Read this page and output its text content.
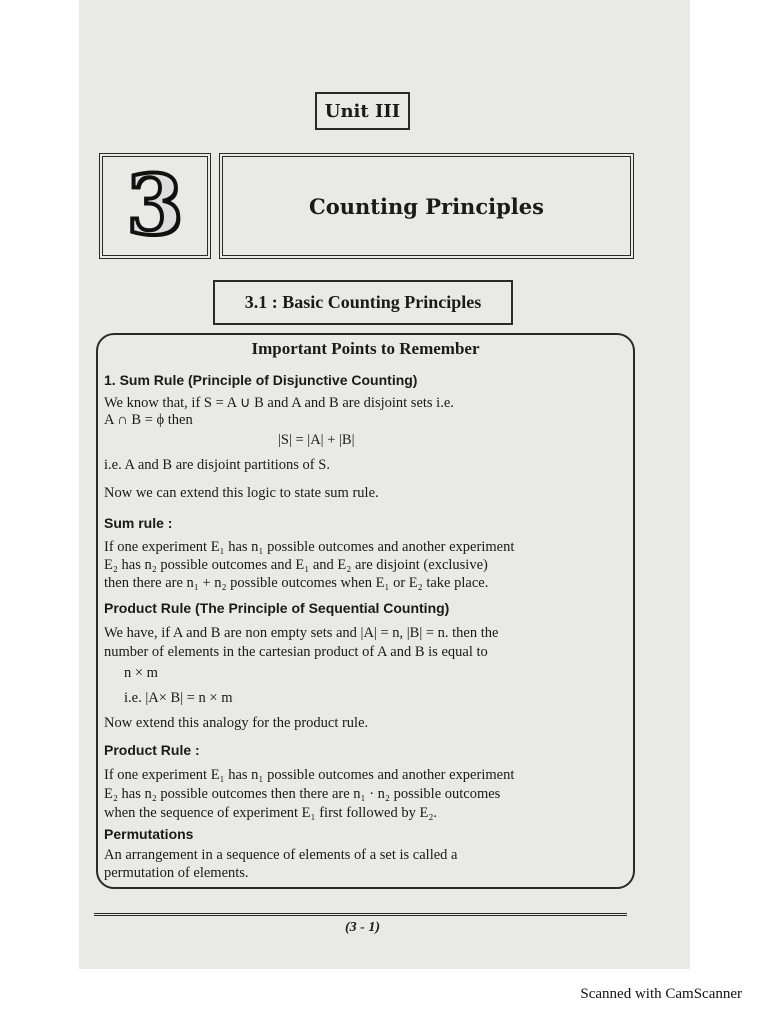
Unit III
3	Counting Principles
3.1 : Basic Counting Principles
Important Points to Remember
1. Sum Rule (Principle of Disjunctive Counting)
We know that, if S = A ∪ B and A and B are disjoint sets i.e.
A ∩ B = ϕ then
|S| = |A| + |B|
i.e. A and B are disjoint partitions of S.
Now we can extend this logic to state sum rule.
Sum rule :
If one experiment E₁ has n₁ possible outcomes and another experiment
E₂ has n₂ possible outcomes and E₁ and E₂ are disjoint (exclusive)
then there are n₁ + n₂ possible outcomes when E₁ or E₂ take place.
Product Rule (The Principle of Sequential Counting)
We have, if A and B are non empty sets and |A| = n, |B| = n. then the
number of elements in the cartesian product of A and B is equal to
n × m
i.e. |A× B| = n × m
Now extend this analogy for the product rule.
Product Rule :
If one experiment E₁ has n₁ possible outcomes and another experiment
E₂ has n₂ possible outcomes then there are n₁ · n₂ possible outcomes
when the sequence of experiment E₁ first followed by E₂.
Permutations
An arrangement in a sequence of elements of a set is called a
permutation of elements.
(3 - 1)
Scanned with CamScanner
